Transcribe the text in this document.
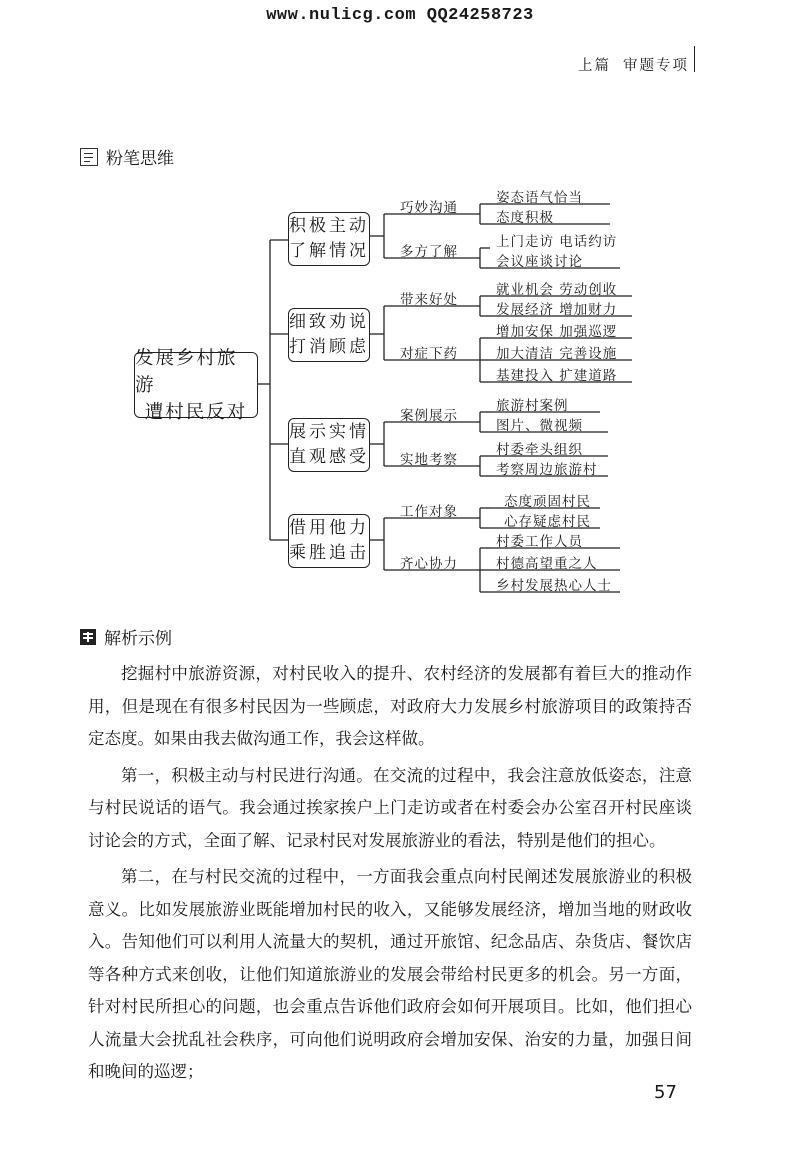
www.nulicg.com QQ24258723
上篇 审题专项
粉笔思维
发展乡村旅游
遭村民反对
积极主动
了解情况
细致劝说
打消顾虑
展示实情
直观感受
借用他力
乘胜追击
巧妙沟通
多方了解
带来好处
对症下药
案例展示
实地考察
工作对象
齐心协力
姿态语气恰当
态度积极
上门走访 电话约访
会议座谈讨论
就业机会 劳动创收
发展经济 增加财力
增加安保 加强巡逻
加大清洁 完善设施
基建投入 扩建道路
旅游村案例
图片、微视频
村委牵头组织
考察周边旅游村
态度顽固村民
心存疑虑村民
村委工作人员
村德高望重之人
乡村发展热心人士
解析示例

挖掘村中旅游资源，对村民收入的提升、农村经济的发展都有着巨大的推动作用，但是现在有很多村民因为一些顾虑，对政府大力发展乡村旅游项目的政策持否定态度。如果由我去做沟通工作，我会这样做。

第一，积极主动与村民进行沟通。在交流的过程中，我会注意放低姿态，注意与村民说话的语气。我会通过挨家挨户上门走访或者在村委会办公室召开村民座谈讨论会的方式，全面了解、记录村民对发展旅游业的看法，特别是他们的担心。

第二，在与村民交流的过程中，一方面我会重点向村民阐述发展旅游业的积极意义。比如发展旅游业既能增加村民的收入，又能够发展经济，增加当地的财政收入。告知他们可以利用人流量大的契机，通过开旅馆、纪念品店、杂货店、餐饮店等各种方式来创收，让他们知道旅游业的发展会带给村民更多的机会。另一方面，针对村民所担心的问题，也会重点告诉他们政府会如何开展项目。比如，他们担心人流量大会扰乱社会秩序，可向他们说明政府会增加安保、治安的力量，加强日间和晚间的巡逻；

57
